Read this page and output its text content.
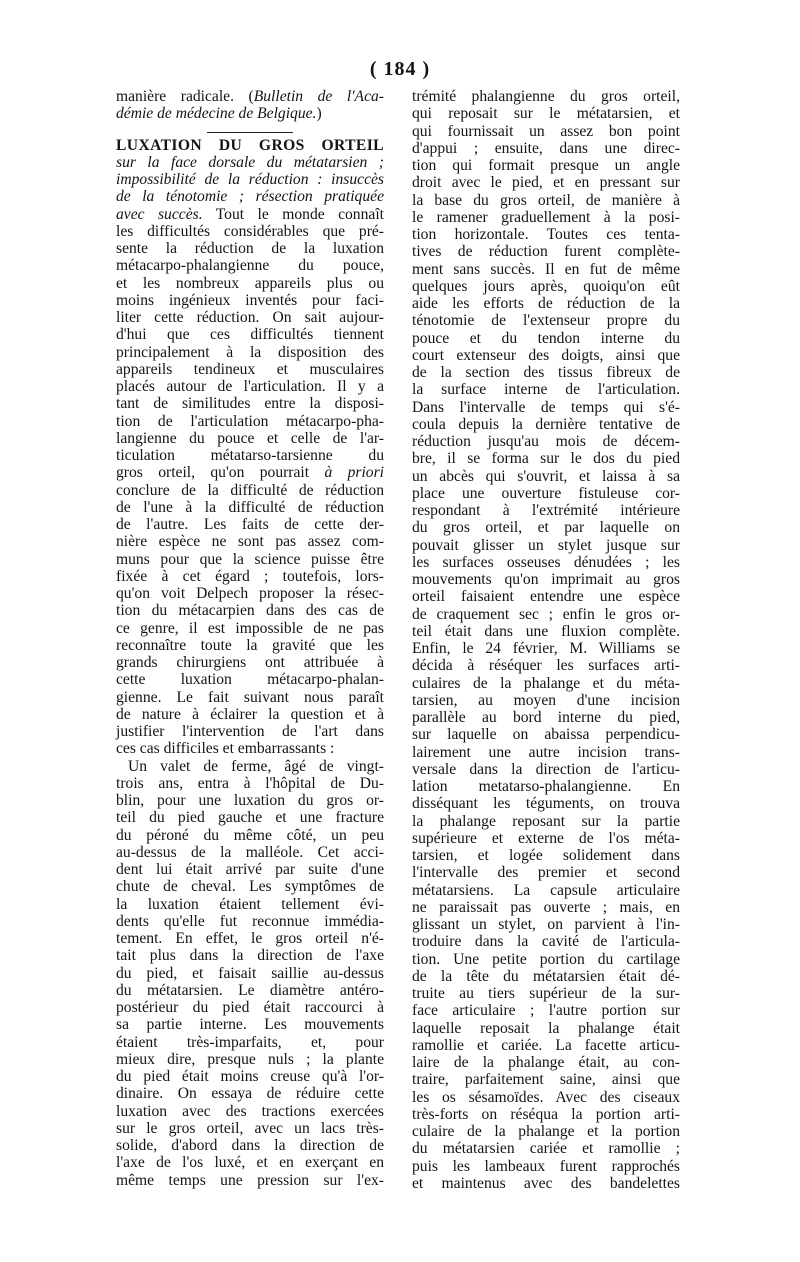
( 184 )
manière radicale. (Bulletin de l'Aca-
démie de médecine de Belgique.)
LUXATION DU GROS ORTEIL
sur la face dorsale du métatarsien ;
impossibilité de la réduction : insuccès
de la ténotomie ; résection pratiquée
avec succès. Tout le monde connaît
les difficultés considérables que pré-
sente la réduction de la luxation
métacarpo-phalangienne du pouce,
et les nombreux appareils plus ou
moins ingénieux inventés pour faci-
liter cette réduction. On sait aujour-
d'hui que ces difficultés tiennent
principalement à la disposition des
appareils tendineux et musculaires
placés autour de l'articulation. Il y a
tant de similitudes entre la disposi-
tion de l'articulation métacarpo-pha-
langienne du pouce et celle de l'ar-
ticulation métatarso-tarsienne du
gros orteil, qu'on pourrait à priori
conclure de la difficulté de réduction
de l'une à la difficulté de réduction
de l'autre. Les faits de cette der-
nière espèce ne sont pas assez com-
muns pour que la science puisse être
fixée à cet égard ; toutefois, lors-
qu'on voit Delpech proposer la résec-
tion du métacarpien dans des cas de
ce genre, il est impossible de ne pas
reconnaître toute la gravité que les
grands chirurgiens ont attribuée à
cette luxation métacarpo-phalan-
gienne. Le fait suivant nous paraît
de nature à éclairer la question et à
justifier l'intervention de l'art dans
ces cas difficiles et embarrassants :
Un valet de ferme, âgé de vingt-
trois ans, entra à l'hôpital de Du-
blin, pour une luxation du gros or-
teil du pied gauche et une fracture
du péroné du même côté, un peu
au-dessus de la malléole. Cet acci-
dent lui était arrivé par suite d'une
chute de cheval. Les symptômes de
la luxation étaient tellement évi-
dents qu'elle fut reconnue immédia-
tement. En effet, le gros orteil n'é-
tait plus dans la direction de l'axe
du pied, et faisait saillie au-dessus
du métatarsien. Le diamètre antéro-
postérieur du pied était raccourci à
sa partie interne. Les mouvements
étaient très-imparfaits, et, pour
mieux dire, presque nuls ; la plante
du pied était moins creuse qu'à l'or-
dinaire. On essaya de réduire cette
luxation avec des tractions exercées
sur le gros orteil, avec un lacs très-
solide, d'abord dans la direction de
l'axe de l'os luxé, et en exerçant en
même temps une pression sur l'ex-
trémité phalangienne du gros orteil,
qui reposait sur le métatarsien, et
qui fournissait un assez bon point
d'appui ; ensuite, dans une direc-
tion qui formait presque un angle
droit avec le pied, et en pressant sur
la base du gros orteil, de manière à
le ramener graduellement à la posi-
tion horizontale. Toutes ces tenta-
tives de réduction furent complète-
ment sans succès. Il en fut de même
quelques jours après, quoiqu'on eût
aide les efforts de réduction de la
ténotomie de l'extenseur propre du
pouce et du tendon interne du
court extenseur des doigts, ainsi que
de la section des tissus fibreux de
la surface interne de l'articulation.
Dans l'intervalle de temps qui s'é-
coula depuis la dernière tentative de
réduction jusqu'au mois de décem-
bre, il se forma sur le dos du pied
un abcès qui s'ouvrit, et laissa à sa
place une ouverture fistuleuse cor-
respondant à l'extrémité intérieure
du gros orteil, et par laquelle on
pouvait glisser un stylet jusque sur
les surfaces osseuses dénudées ; les
mouvements qu'on imprimait au gros
orteil faisaient entendre une espèce
de craquement sec ; enfin le gros or-
teil était dans une fluxion complète.
Enfin, le 24 février, M. Williams se
décida à réséquer les surfaces arti-
culaires de la phalange et du méta-
tarsien, au moyen d'une incision
parallèle au bord interne du pied,
sur laquelle on abaissa perpendicu-
lairement une autre incision trans-
versale dans la direction de l'articu-
lation metatarso-phalangienne. En
disséquant les téguments, on trouva
la phalange reposant sur la partie
supérieure et externe de l'os méta-
tarsien, et logée solidement dans
l'intervalle des premier et second
métatarsiens. La capsule articulaire
ne paraissait pas ouverte ; mais, en
glissant un stylet, on parvient à l'in-
troduire dans la cavité de l'articula-
tion. Une petite portion du cartilage
de la tête du métatarsien était dé-
truite au tiers supérieur de la sur-
face articulaire ; l'autre portion sur
laquelle reposait la phalange était
ramollie et cariée. La facette articu-
laire de la phalange était, au con-
traire, parfaitement saine, ainsi que
les os sésamoïdes. Avec des ciseaux
très-forts on réséqua la portion arti-
culaire de la phalange et la portion
du métatarsien cariée et ramollie ;
puis les lambeaux furent rapprochés
et maintenus avec des bandelettes
